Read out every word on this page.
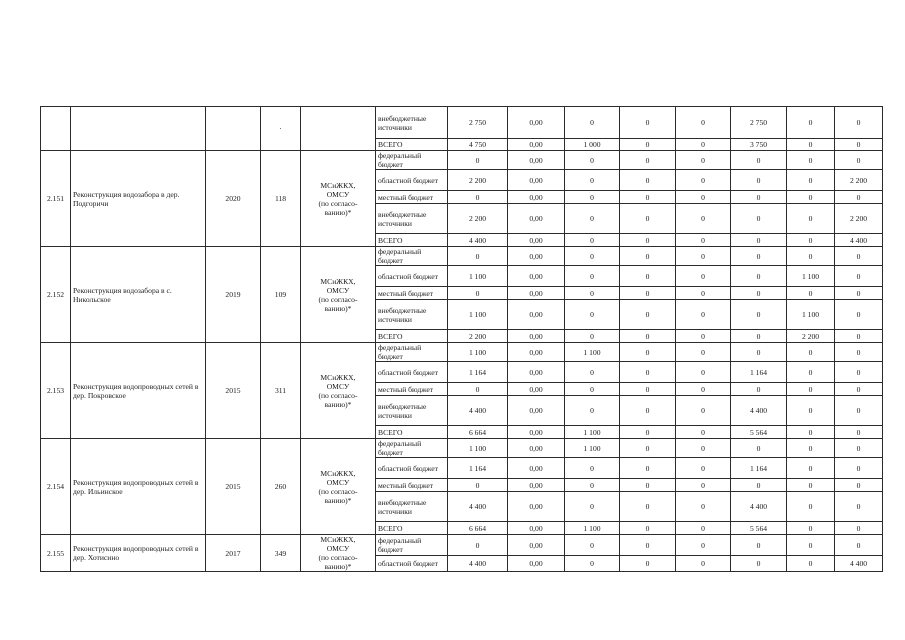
			·		внебюджетные источники	2 750	0,00	0	0	0	2 750	0	0
					ВСЕГО	4 750	0,00	1 000	0	0	3 750	0	0
2.151	Реконструкция водозабора в дер. Подгоричи	2020	118	МСиЖКХ,
ОМСУ
(по согласо-
ванию)*	федеральный бюджет	0	0,00	0	0	0	0	0	0
					областной бюджет	2 200	0,00	0	0	0	0	0	2 200
					местный бюджет	0	0,00	0	0	0	0	0	0
					внебюджетные источники	2 200	0,00	0	0	0	0	0	2 200
					ВСЕГО	4 400	0,00	0	0	0	0	0	4 400
2.152	Реконструкция водозабора в с. Никольское	2019	109	МСиЖКХ,
ОМСУ
(по согласо-
ванию)*	федеральный бюджет	0	0,00	0	0	0	0	0	0
					областной бюджет	1 100	0,00	0	0	0	0	1 100	0
					местный бюджет	0	0,00	0	0	0	0	0	0
					внебюджетные источники	1 100	0,00	0	0	0	0	1 100	0
					ВСЕГО	2 200	0,00	0	0	0	0	2 200	0
2.153	Реконструкция водопроводных сетей в дер. Покровское	2015	311	МСиЖКХ,
ОМСУ
(по согласо-
ванию)*	федеральный бюджет	1 100	0,00	1 100	0	0	0	0	0
					областной бюджет	1 164	0,00	0	0	0	1 164	0	0
					местный бюджет	0	0,00	0	0	0	0	0	0
					внебюджетные источники	4 400	0,00	0	0	0	4 400	0	0
					ВСЕГО	6 664	0,00	1 100	0	0	5 564	0	0
2.154	Реконструкция водопроводных сетей в дер. Ильинское	2015	260	МСиЖКХ,
ОМСУ
(по согласо-
ванию)*	федеральный бюджет	1 100	0,00	1 100	0	0	0	0	0
					областной бюджет	1 164	0,00	0	0	0	1 164	0	0
					местный бюджет	0	0,00	0	0	0	0	0	0
					внебюджетные источники	4 400	0,00	0	0	0	4 400	0	0
					ВСЕГО	6 664	0,00	1 100	0	0	5 564	0	0
2.155	Реконструкция водопроводных сетей в дер. Хотисино	2017	349	МСиЖКХ,
ОМСУ
(по согласо-
ванию)*	федеральный бюджет	0	0,00	0	0	0	0	0	0
					областной бюджет	4 400	0,00	0	0	0	0	0	4 400
